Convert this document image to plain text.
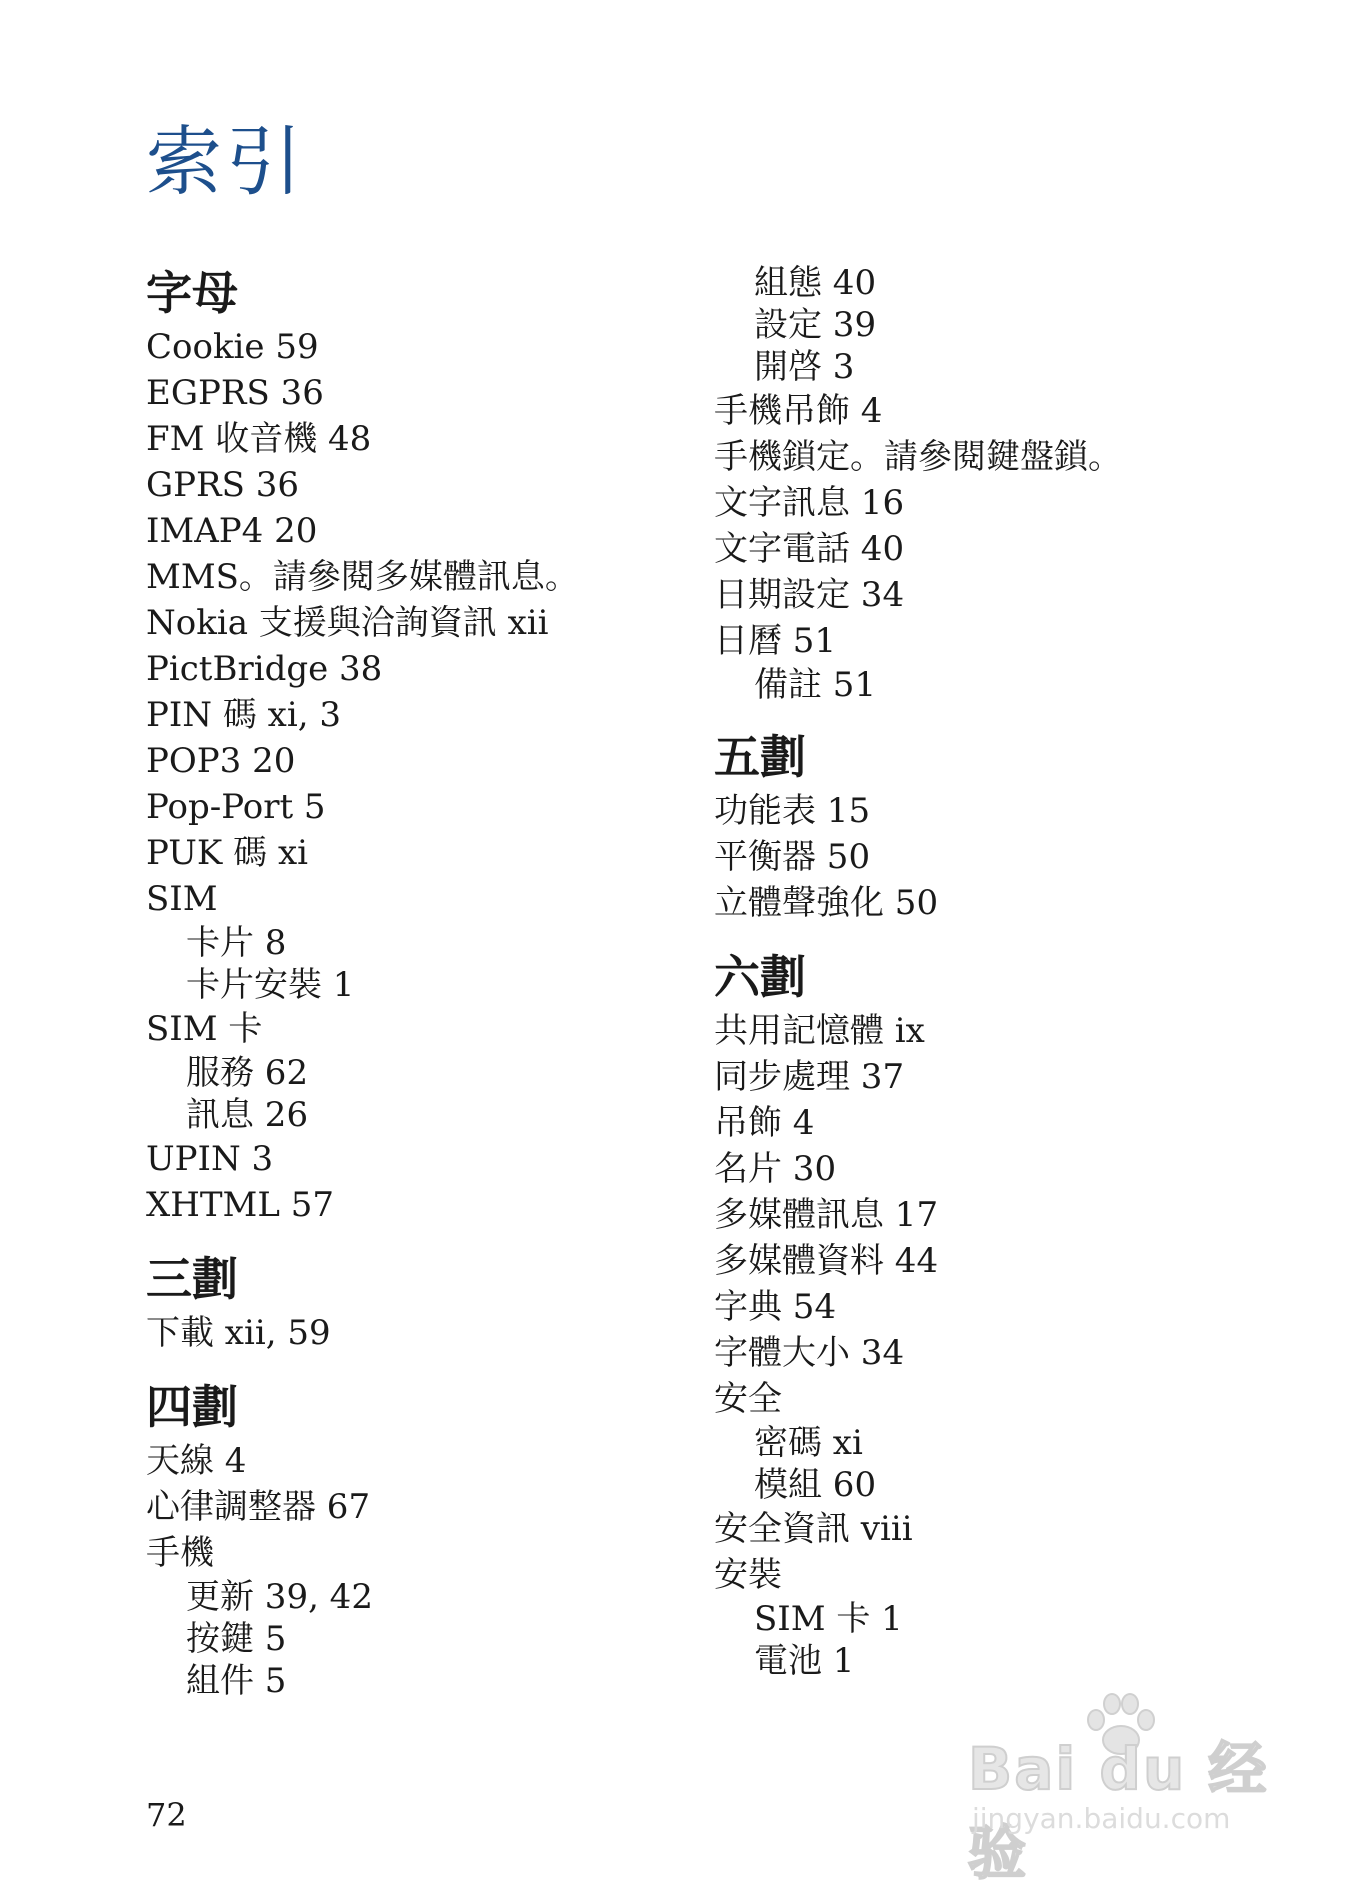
索引
字母
Cookie 59
EGPRS 36
FM 收音機 48
GPRS 36
IMAP4 20
MMS。請參閱多媒體訊息。
Nokia 支援與洽詢資訊 xii
PictBridge 38
PIN 碼 xi, 3
POP3 20
Pop-Port 5
PUK 碼 xi
SIM
卡片 8
卡片安裝 1
SIM 卡
服務 62
訊息 26
UPIN 3
XHTML 57
三劃
下載 xii, 59
四劃
天線 4
心律調整器 67
手機
更新 39, 42
按鍵 5
組件 5
組態 40
設定 39
開啓 3
手機吊飾 4
手機鎖定。請參閱鍵盤鎖。
文字訊息 16
文字電話 40
日期設定 34
日曆 51
備註 51
五劃
功能表 15
平衡器 50
立體聲強化 50
六劃
共用記憶體 ix
同步處理 37
吊飾 4
名片 30
多媒體訊息 17
多媒體資料 44
字典 54
字體大小 34
安全
密碼 xi
模組 60
安全資訊 viii
安裝
SIM 卡 1
電池 1
72
Bai du 经验
jingyan.baidu.com
